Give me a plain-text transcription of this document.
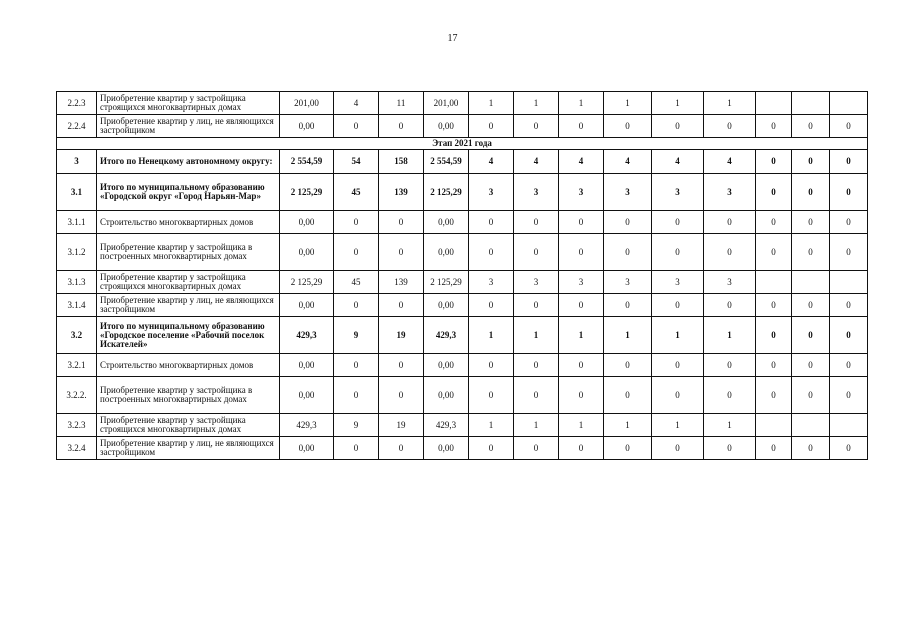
17
2.2.3	Приобретение квартир у застройщика строящихся многоквартирных домах	201,00	4	11	201,00	1	1	1	1	1	1			
2.2.4	Приобретение квартир у лиц, не являющихся застройщиком	0,00	0	0	0,00	0	0	0	0	0	0	0	0	0
Этап 2021 года														
3	Итого по Ненецкому автономному округу:	2 554,59	54	158	2 554,59	4	4	4	4	4	4	0	0	0
3.1	Итого по муниципальному образованию «Городской округ «Город Нарьян-Мар»	2 125,29	45	139	2 125,29	3	3	3	3	3	3	0	0	0
3.1.1	Строительство многоквартирных домов	0,00	0	0	0,00	0	0	0	0	0	0	0	0	0
3.1.2	Приобретение квартир у застройщика в построенных многоквартирных домах	0,00	0	0	0,00	0	0	0	0	0	0	0	0	0
3.1.3	Приобретение квартир у застройщика строящихся многоквартирных домах	2 125,29	45	139	2 125,29	3	3	3	3	3	3			
3.1.4	Приобретение квартир у лиц, не являющихся застройщиком	0,00	0	0	0,00	0	0	0	0	0	0	0	0	0
3.2	Итого по муниципальному образованию «Городское поселение «Рабочий поселок Искателей»	429,3	9	19	429,3	1	1	1	1	1	1	0	0	0
3.2.1	Строительство многоквартирных домов	0,00	0	0	0,00	0	0	0	0	0	0	0	0	0
3.2.2.	Приобретение квартир у застройщика в построенных многоквартирных домах	0,00	0	0	0,00	0	0	0	0	0	0	0	0	0
3.2.3	Приобретение квартир у застройщика строящихся многоквартирных домах	429,3	9	19	429,3	1	1	1	1	1	1			
3.2.4	Приобретение квартир у лиц, не являющихся застройщиком	0,00	0	0	0,00	0	0	0	0	0	0	0	0	0
